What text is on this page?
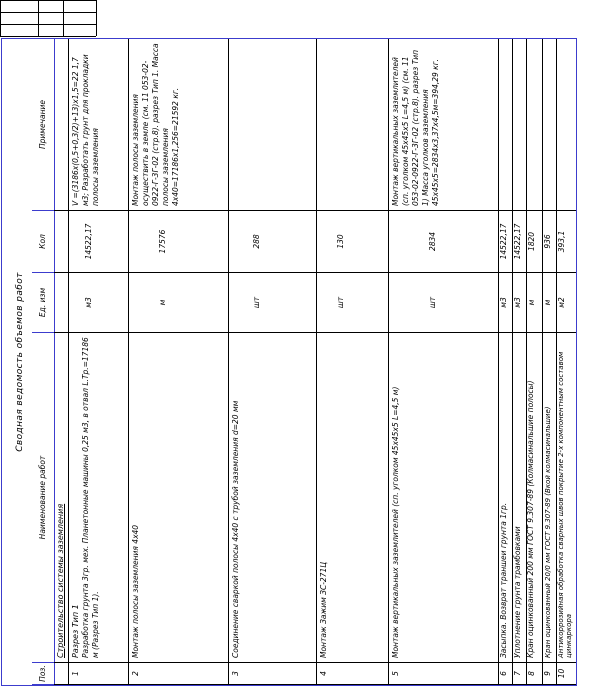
Сводная ведомость объемов работ
Поз.
Наименование работ
Ед. изм
Кол
Примечание
Строительство системы заземления
1
Разрез Тип 1 Разработка грунта 3гр. мех. Планетонные машины 0,25 м3, в отвал L.Тр.=17186 м (Разрез Тип 1).
м3
14522,17
V =(3186х(0,5+0,3/2)+13)х1,5=22 1,7 м3; Разработать грунт для прокладки полосы заземления
2
Монтаж полосы заземления 4х40
м
17576
Монтаж полосы заземления осуществить в земле (см. 11 053-02-0922-Г-3Г-02 (стр.8). разрез Тип 1. Масса полосы заземления 4х40=17186х1,256=21592 кг.
3
Соединение сваркой полосы 4х40 с трубой заземления d=20 мм
шт
288
4
Монтаж Зажим ЗС-271Ц
шт
130
5
Монтаж вертикальных заземлителей (сп. уголком 45х45х5 L=4,5 м)
шт
2834
Монтаж вертикальных заземлителей (сп. уголком 45х45х5 L=4,5 м) (см. 11 053-02-0922-Г-3Г-02 (стр.8). разрез Тип 1) Масса уголков заземления 45х45х5=2834х3,37х4,5м=394,29 кг.
6
Засыпка. Возврат траншеи грунта 1гр.
м3
14522,17
7
Уплотнение грунта трамбовками
м3
14522,17
8
Кран оцинкованный 200 мм ГОСТ 9.307-89 (Колмасинальшие полосы)
м
1820
9
Кран оцинкованный 20/0 мм ГОСТ 9.307-89 (Вкой колмасинальшие)
м
936
10
Антикоррозийная обработка сварных швов покрытие 2-х компонентным составом цинкаркора
м2
393,1
